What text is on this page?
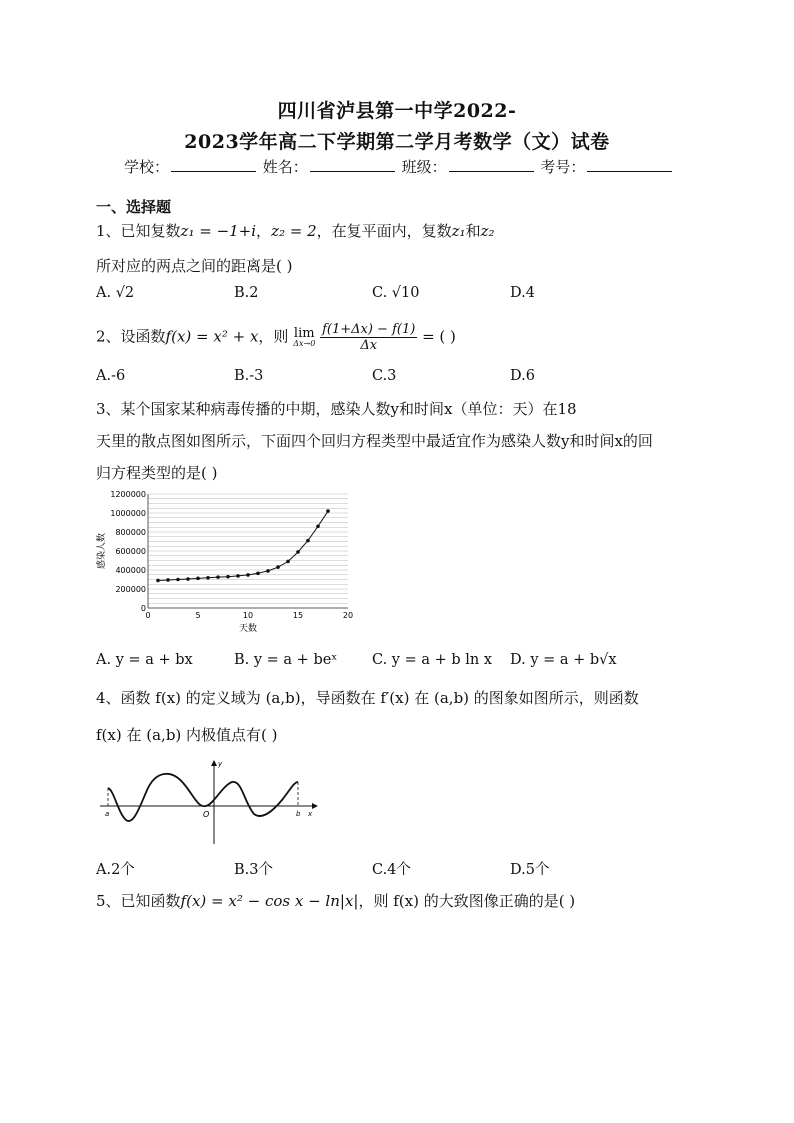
四川省泸县第一中学2022-
2023学年高二下学期第二学月考数学（文）试卷
学校：	姓名：	班级：	考号：
一、选择题
1、已知复数z₁ = −1+i，z₂ = 2，在复平面内，复数z₁和z₂
所对应的两点之间的距离是( )
A. √2	B.2	C. √10	D.4
2、设函数f(x) = x² + x，则 lim
Δx→0
$\frac{f(1+\Delta x) - f(1)}{\Delta x}$ = ( )
A.-6	B.-3	C.3	D.6
3、某个国家某种病毒传播的中期，感染人数y和时间x（单位：天）在18
天里的散点图如图所示，下面四个回归方程类型中最适宜作为感染人数y和时间x的回
归方程类型的是( )
0
200000
400000
600000
800000
1000000
1200000
0	5	10	15	20
天数
感染人数
A. y = a + bx	B. y = a + beˣ C. y = a + b ln x D. y = a + b√x
4、函数 f(x) 的定义域为 (a,b)，导函数在 f′(x) 在 (a,b) 的图象如图所示，则函数
f(x) 在 (a,b) 内极值点有( )
y
x
O
a	b
A.2个	B.3个	C.4个	D.5个
5、已知函数f(x) = x² − cos x − ln|x|，则 f(x) 的大致图像正确的是( )
